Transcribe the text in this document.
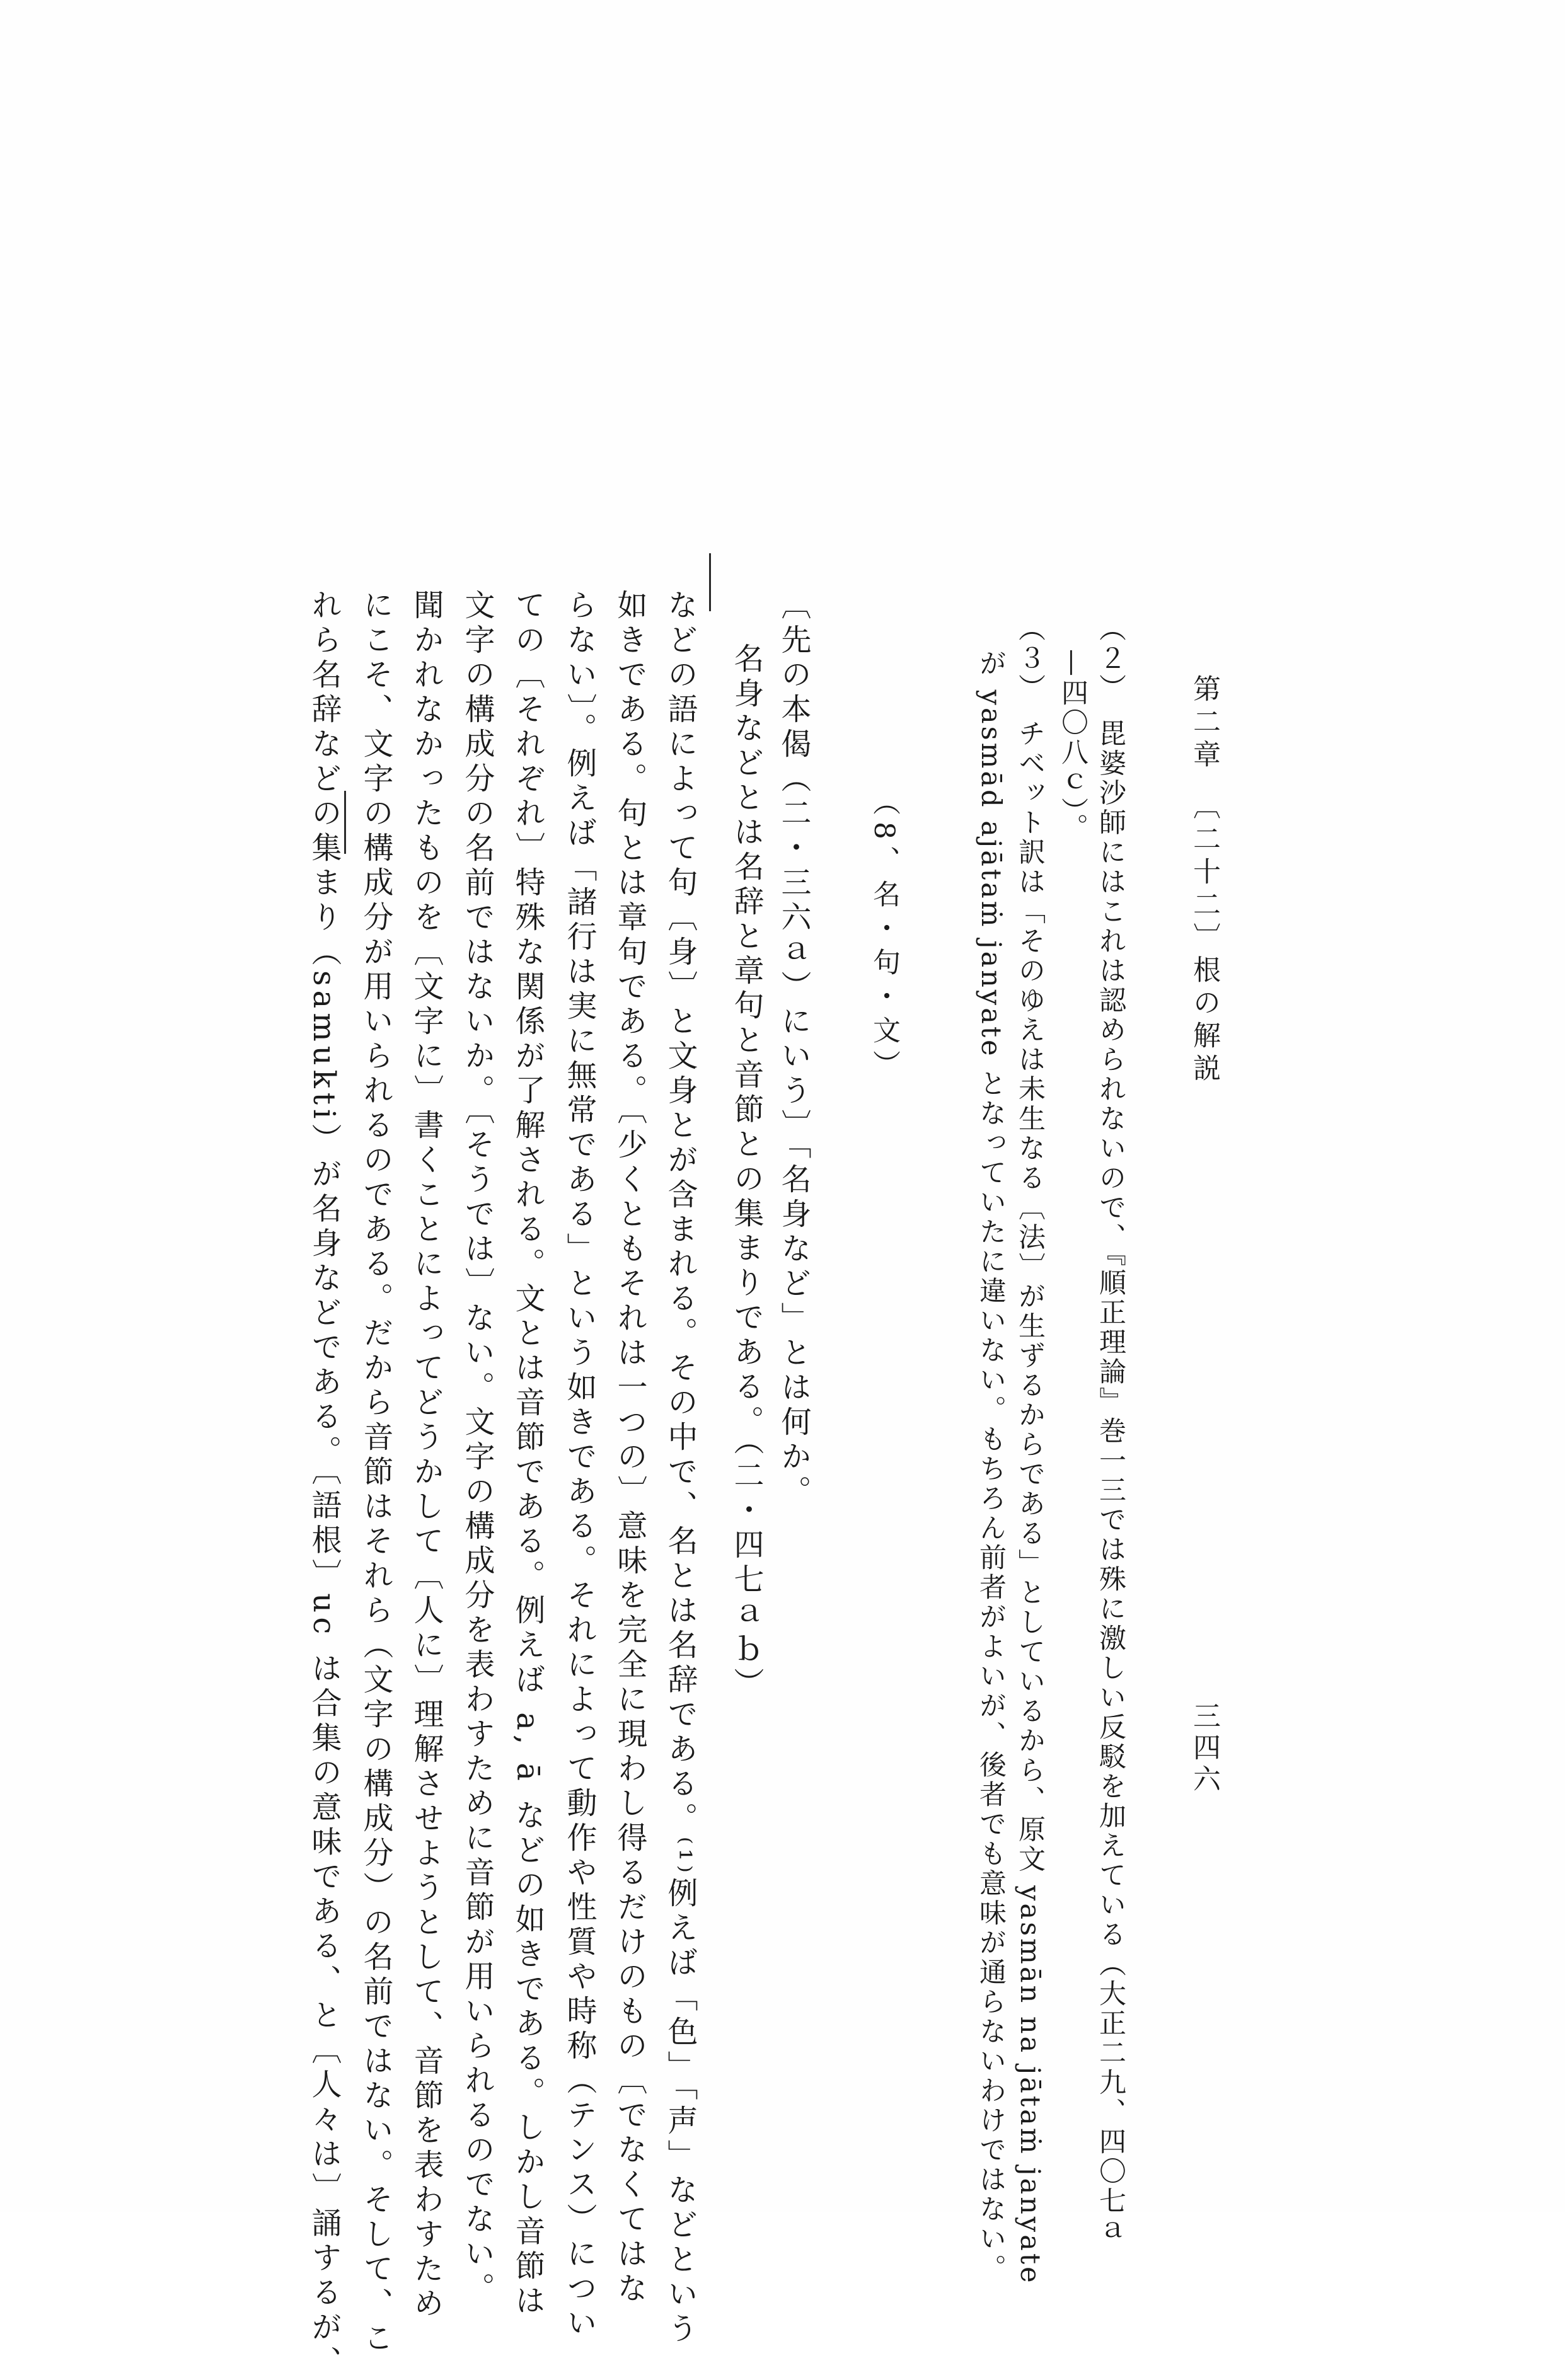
第二章　〔二十二〕根の解説
三四六
（２）　毘婆沙師にはこれは認められないので、『順正理論』巻一三では殊に激しい反駁を加えている（大正二九、四〇七ａ
—四〇八ｃ）。
（３）　チベット訳は「そのゆえは未生なる〔法〕が生ずるからである」としているから、原文 yasmān na jātaṁ janyate
が yasmād ajātaṁ janyate となっていたに違いない。もちろん前者がよいが、後者でも意味が通らないわけではない。
（8、名・句・文）
〔先の本偈（二・三六ａ）にいう〕「名身など」とは何か。
名身などとは名辞と章句と音節との集まりである。（二・四七ａｂ）
などの語によって句〔身〕と文身とが含まれる。その中で、名とは名辞である。⁽¹⁾例えば「色」「声」などという
如きである。句とは章句である。〔少くともそれは一つの〕意味を完全に現わし得るだけのもの〔でなくてはな
らない〕。例えば「諸行は実に無常である」という如きである。それによって動作や性質や時称（テンス）につい
ての〔それぞれ〕特殊な関係が了解される。文とは音節である。例えば a, ā などの如きである。しかし音節は
文字の構成分の名前ではないか。〔そうでは〕ない。文字の構成分を表わすために音節が用いられるのでない。
聞かれなかったものを〔文字に〕書くことによってどうかして〔人に〕理解させようとして、音節を表わすため
にこそ、文字の構成分が用いられるのである。だから音節はそれら（文字の構成分）の名前ではない。そして、こ
れら名辞などの集まり（samukti）が名身などである。〔語根〕uc は合集の意味である、と〔人々は〕誦するが、
